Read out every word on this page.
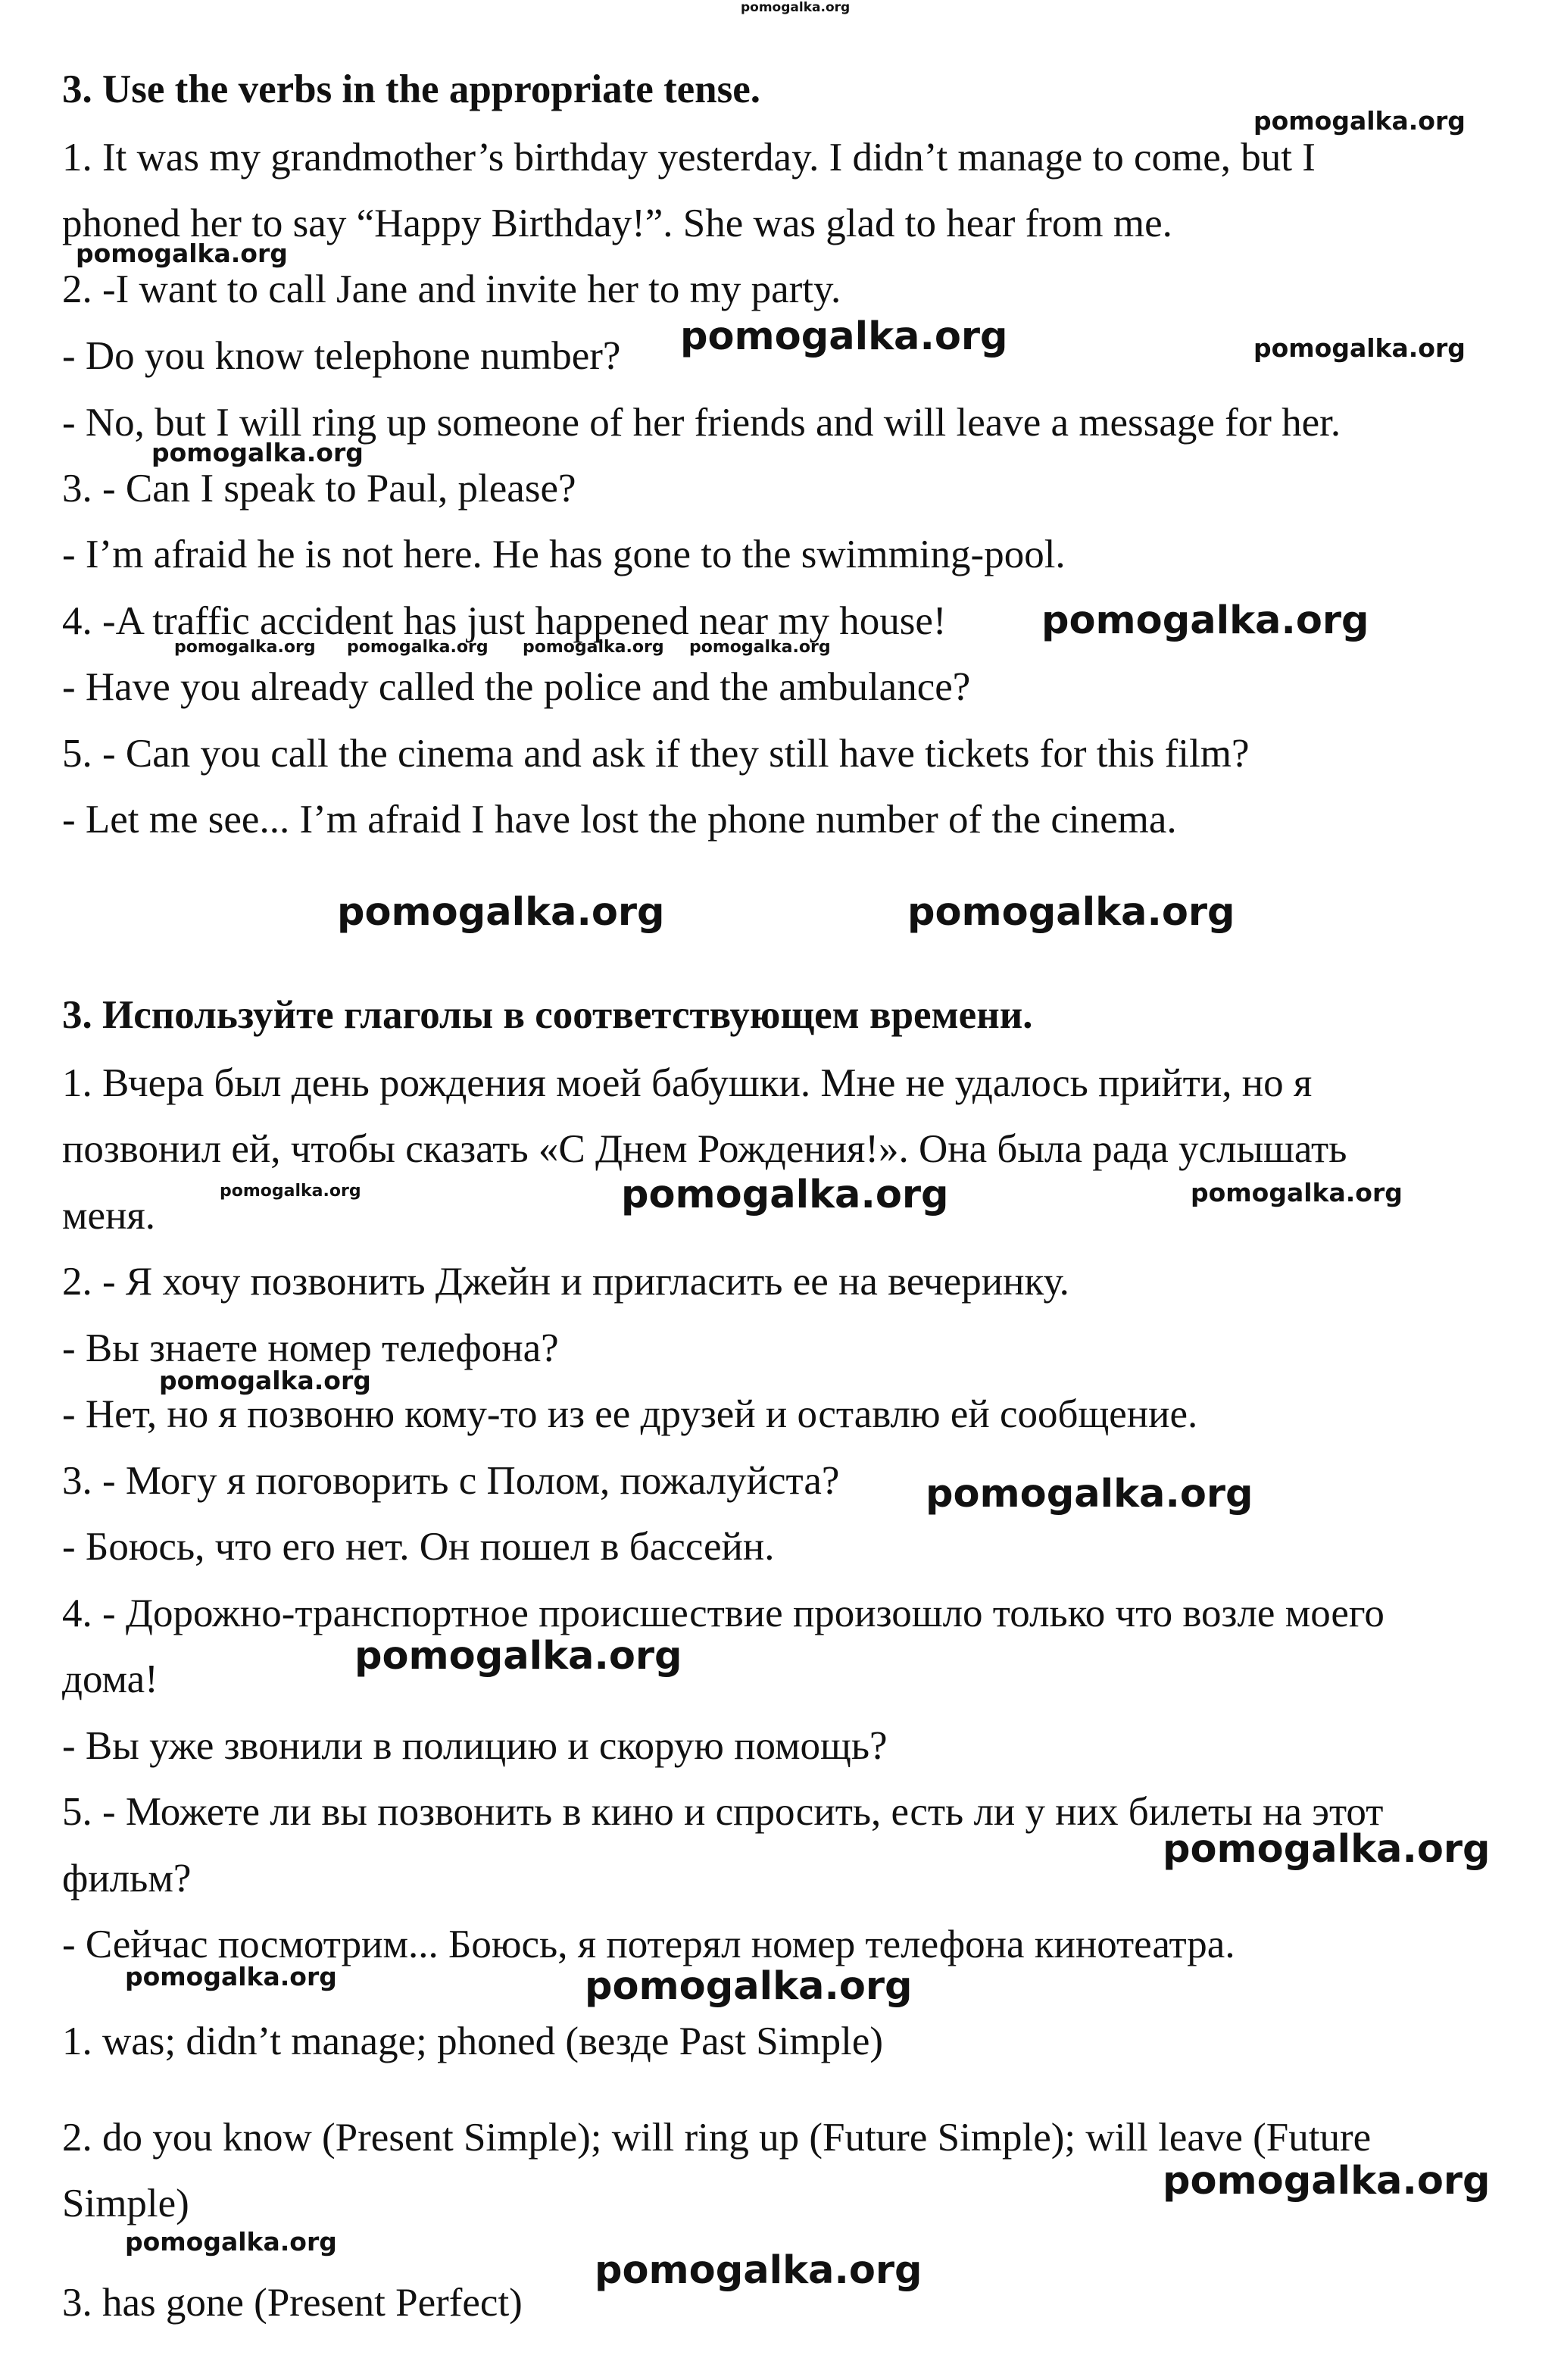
3. Use the verbs in the appropriate tense.
1. It was my grandmother’s birthday yesterday. I didn’t manage to come, but I
phoned her to say “Happy Birthday!”. She was glad to hear from me.
2. -I want to call Jane and invite her to my party.
- Do you know telephone number?
- No, but I will ring up someone of her friends and will leave a message for her.
3. - Can I speak to Paul, please?
- I’m afraid he is not here. He has gone to the swimming-pool.
4. -A traffic accident has just happened near my house!
- Have you already called the police and the ambulance?
5. - Can you call the cinema and ask if they still have tickets for this film?
- Let me see... I’m afraid I have lost the phone number of the cinema.
3. Используйте глаголы в соответствующем времени.
1. Вчера был день рождения моей бабушки. Мне не удалось прийти, но я
позвонил ей, чтобы сказать «С Днем Рождения!». Она была рада услышать
меня.
2. - Я хочу позвонить Джейн и пригласить ее на вечеринку.
- Вы знаете номер телефона?
- Нет, но я позвоню кому-то из ее друзей и оставлю ей сообщение.
3. - Могу я поговорить с Полом, пожалуйста?
- Боюсь, что его нет. Он пошел в бассейн.
4. - Дорожно-транспортное происшествие произошло только что возле моего
дома!
- Вы уже звонили в полицию и скорую помощь?
5. - Можете ли вы позвонить в кино и спросить, есть ли у них билеты на этот
фильм?
- Сейчас посмотрим... Боюсь, я потерял номер телефона кинотеатра.
1. was; didn’t manage; phoned (везде Past Simple)
2. do you know (Present Simple); will ring up (Future Simple); will leave (Future
Simple)
3. has gone (Present Perfect)
pomogalka.org
pomogalka.org
pomogalka.org
pomogalka.org	pomogalka.org
pomogalka.org
pomogalka.org pomogalka.org pomogalka.org pomogalka.org
pomogalka.org
pomogalka.org	pomogalka.org
pomogalka.org	pomogalka.org	pomogalka.org
pomogalka.org
pomogalka.org
pomogalka.org
pomogalka.org
pomogalka.org	pomogalka.org
pomogalka.org
pomogalka.org
pomogalka.org
